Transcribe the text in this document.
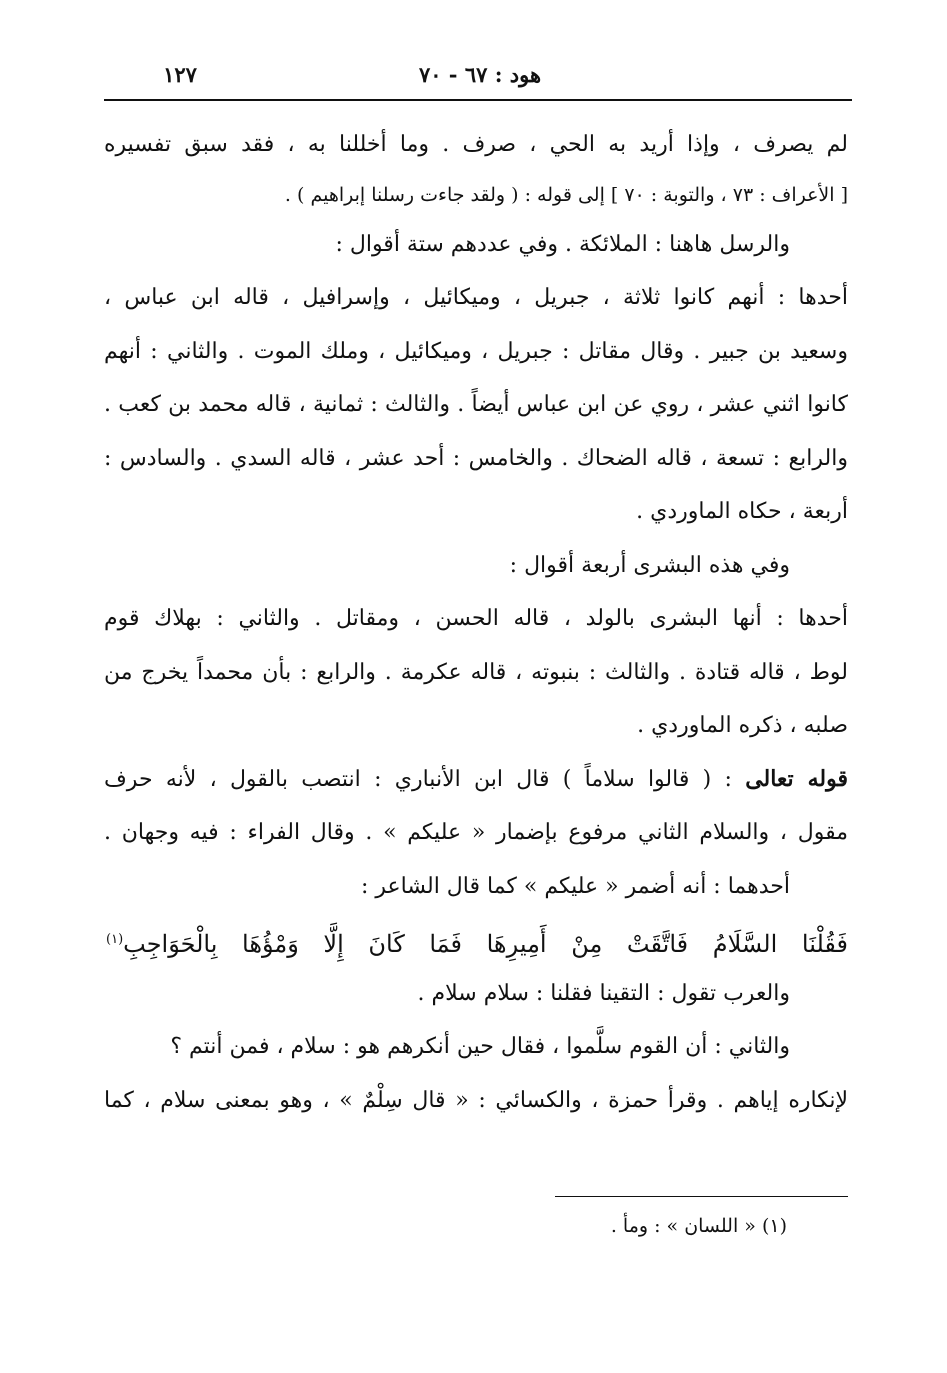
١٢٧	هود : ٦٧ - ٧٠
لم يصرف ، وإذا أريد به الحي ، صرف . وما أخللنا به ، فقد سبق تفسيره
[ الأعراف : ٧٣ ، والتوبة : ٧٠ ] إلى قوله : ( ولقد جاءت رسلنا إبراهيم ) .
والرسل هاهنا : الملائكة . وفي عددهم ستة أقوال :
أحدها : أنهم كانوا ثلاثة ، جبريل ، وميكائيل ، وإسرافيل ، قاله ابن عباس ،
وسعيد بن جبير . وقال مقاتل : جبريل ، وميكائيل ، وملك الموت . والثاني : أنهم
كانوا اثني عشر ، روي عن ابن عباس أيضاً . والثالث : ثمانية ، قاله محمد بن كعب .
والرابع : تسعة ، قاله الضحاك . والخامس : أحد عشر ، قاله السدي . والسادس :
أربعة ، حكاه الماوردي .
وفي هذه البشرى أربعة أقوال :
أحدها : أنها البشرى بالولد ، قاله الحسن ، ومقاتل . والثاني : بهلاك قوم
لوط ، قاله قتادة . والثالث : بنبوته ، قاله عكرمة . والرابع : بأن محمداً يخرج من
صلبه ، ذكره الماوردي .
قوله تعالى : ( قالوا سلاماً ) قال ابن الأنباري : انتصب بالقول ، لأنه حرف
مقول ، والسلام الثاني مرفوع بإضمار « عليكم » . وقال الفراء : فيه وجهان .
أحدهما : أنه أضمر « عليكم » كما قال الشاعر :
فَقُلْنَا السَّلَامُ فَاتَّقَتْ مِنْ أَمِيرِهَا فَمَا كَانَ إِلَّا وَمْؤُهَا بِالْحَوَاجِبِ$^{(١)}$
والعرب تقول : التقينا فقلنا : سلام سلام .
والثاني : أن القوم سلَّموا ، فقال حين أنكرهم هو : سلام ، فمن أنتم ؟
لإنكاره إياهم . وقرأ حمزة ، والكسائي : « قال سِلْمٌ » ، وهو بمعنى سلام ، كما
(١) « اللسان » : ومأ .
